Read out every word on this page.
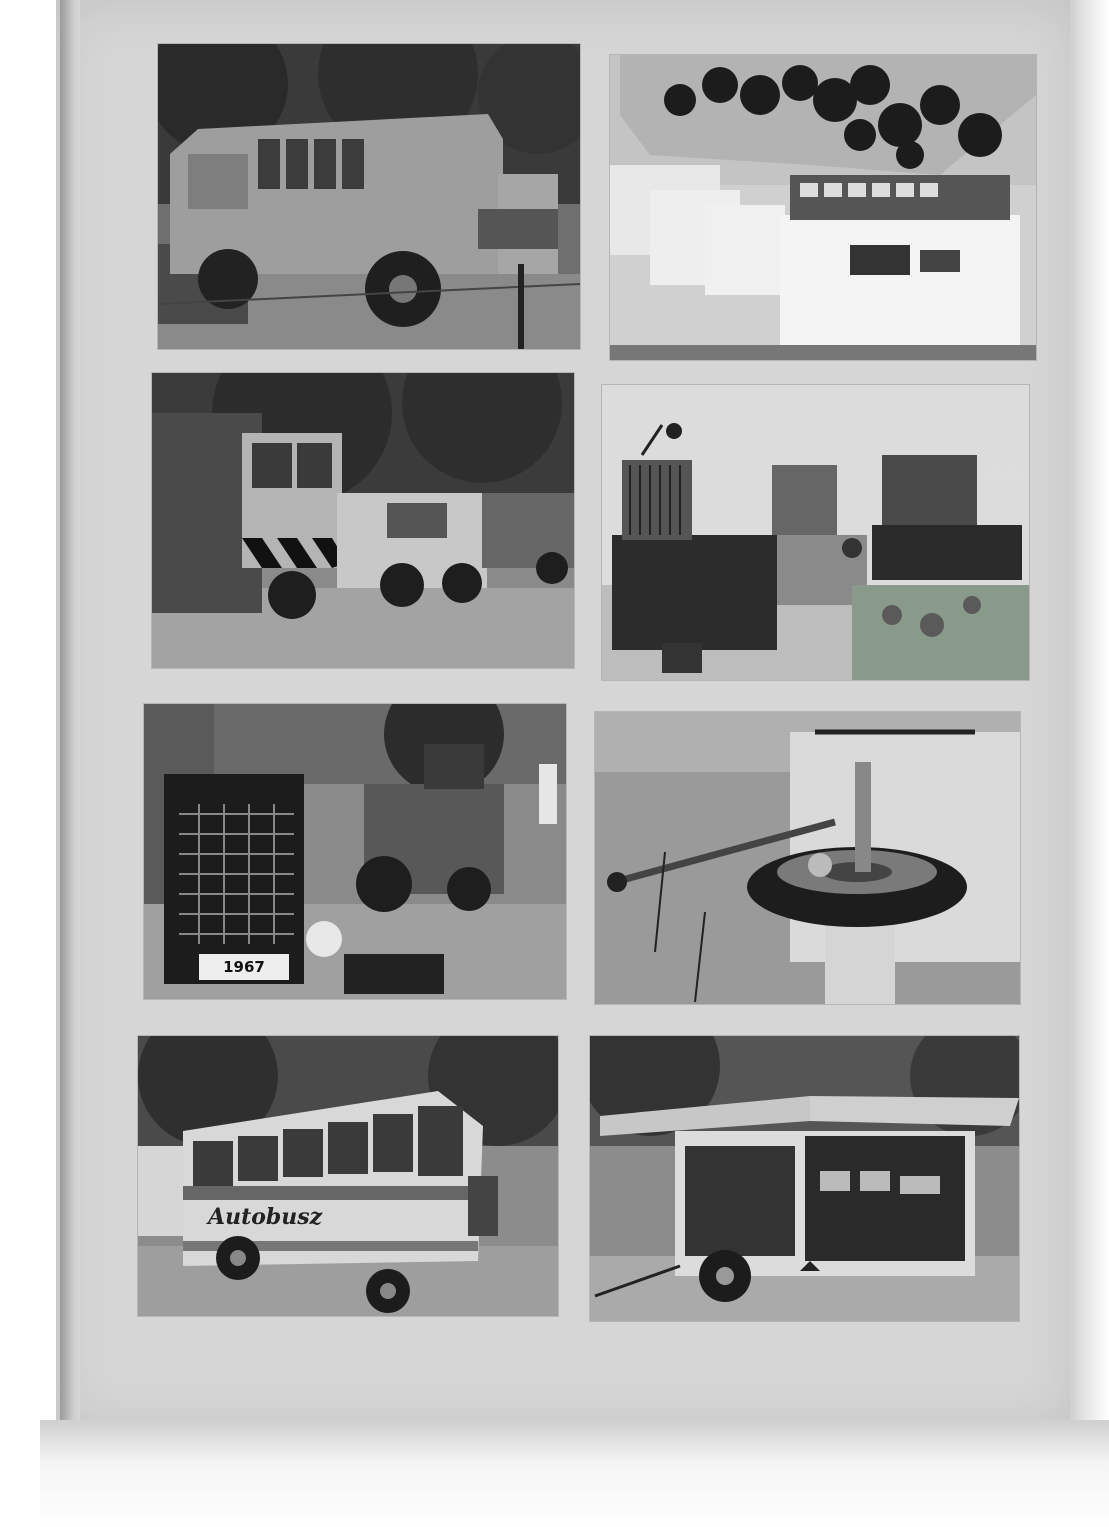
1967
Autobusz
